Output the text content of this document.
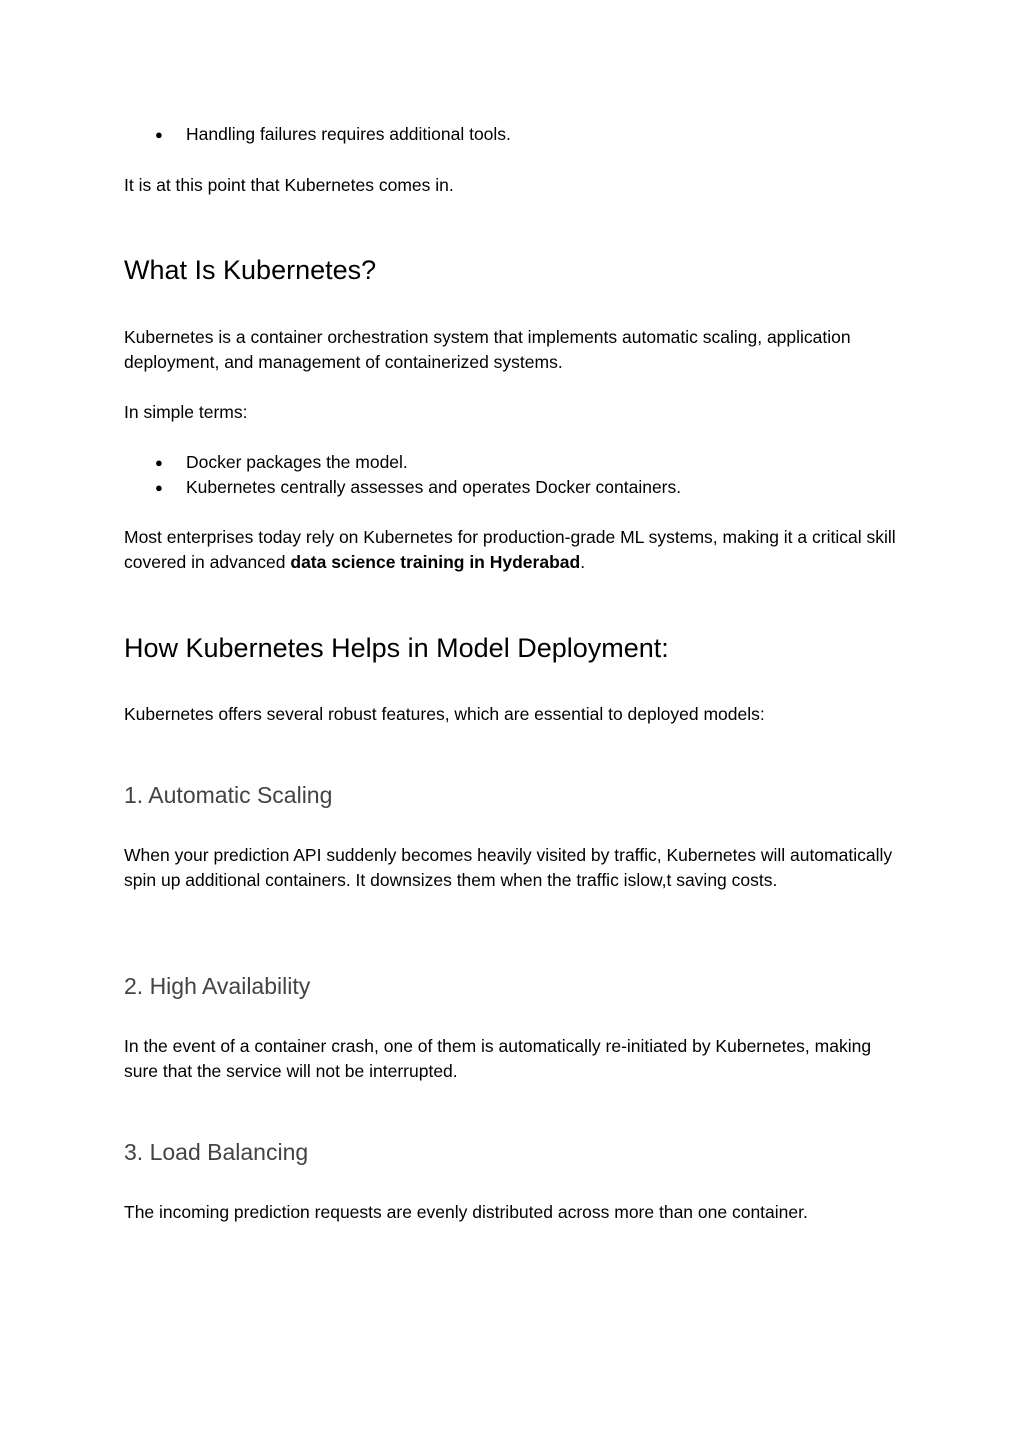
● Handling failures requires additional tools.

It is at this point that Kubernetes comes in.

What Is Kubernetes?

Kubernetes is a container orchestration system that implements automatic scaling, application deployment, and management of containerized systems.

In simple terms:

● Docker packages the model.
● Kubernetes centrally assesses and operates Docker containers.

Most enterprises today rely on Kubernetes for production-grade ML systems, making it a critical skill covered in advanced data science training in Hyderabad.

How Kubernetes Helps in Model Deployment:

Kubernetes offers several robust features, which are essential to deployed models:

1. Automatic Scaling

When your prediction API suddenly becomes heavily visited by traffic, Kubernetes will automatically spin up additional containers. It downsizes them when the traffic islow,t saving costs.

2. High Availability

In the event of a container crash, one of them is automatically re-initiated by Kubernetes, making sure that the service will not be interrupted.

3. Load Balancing

The incoming prediction requests are evenly distributed across more than one container.
